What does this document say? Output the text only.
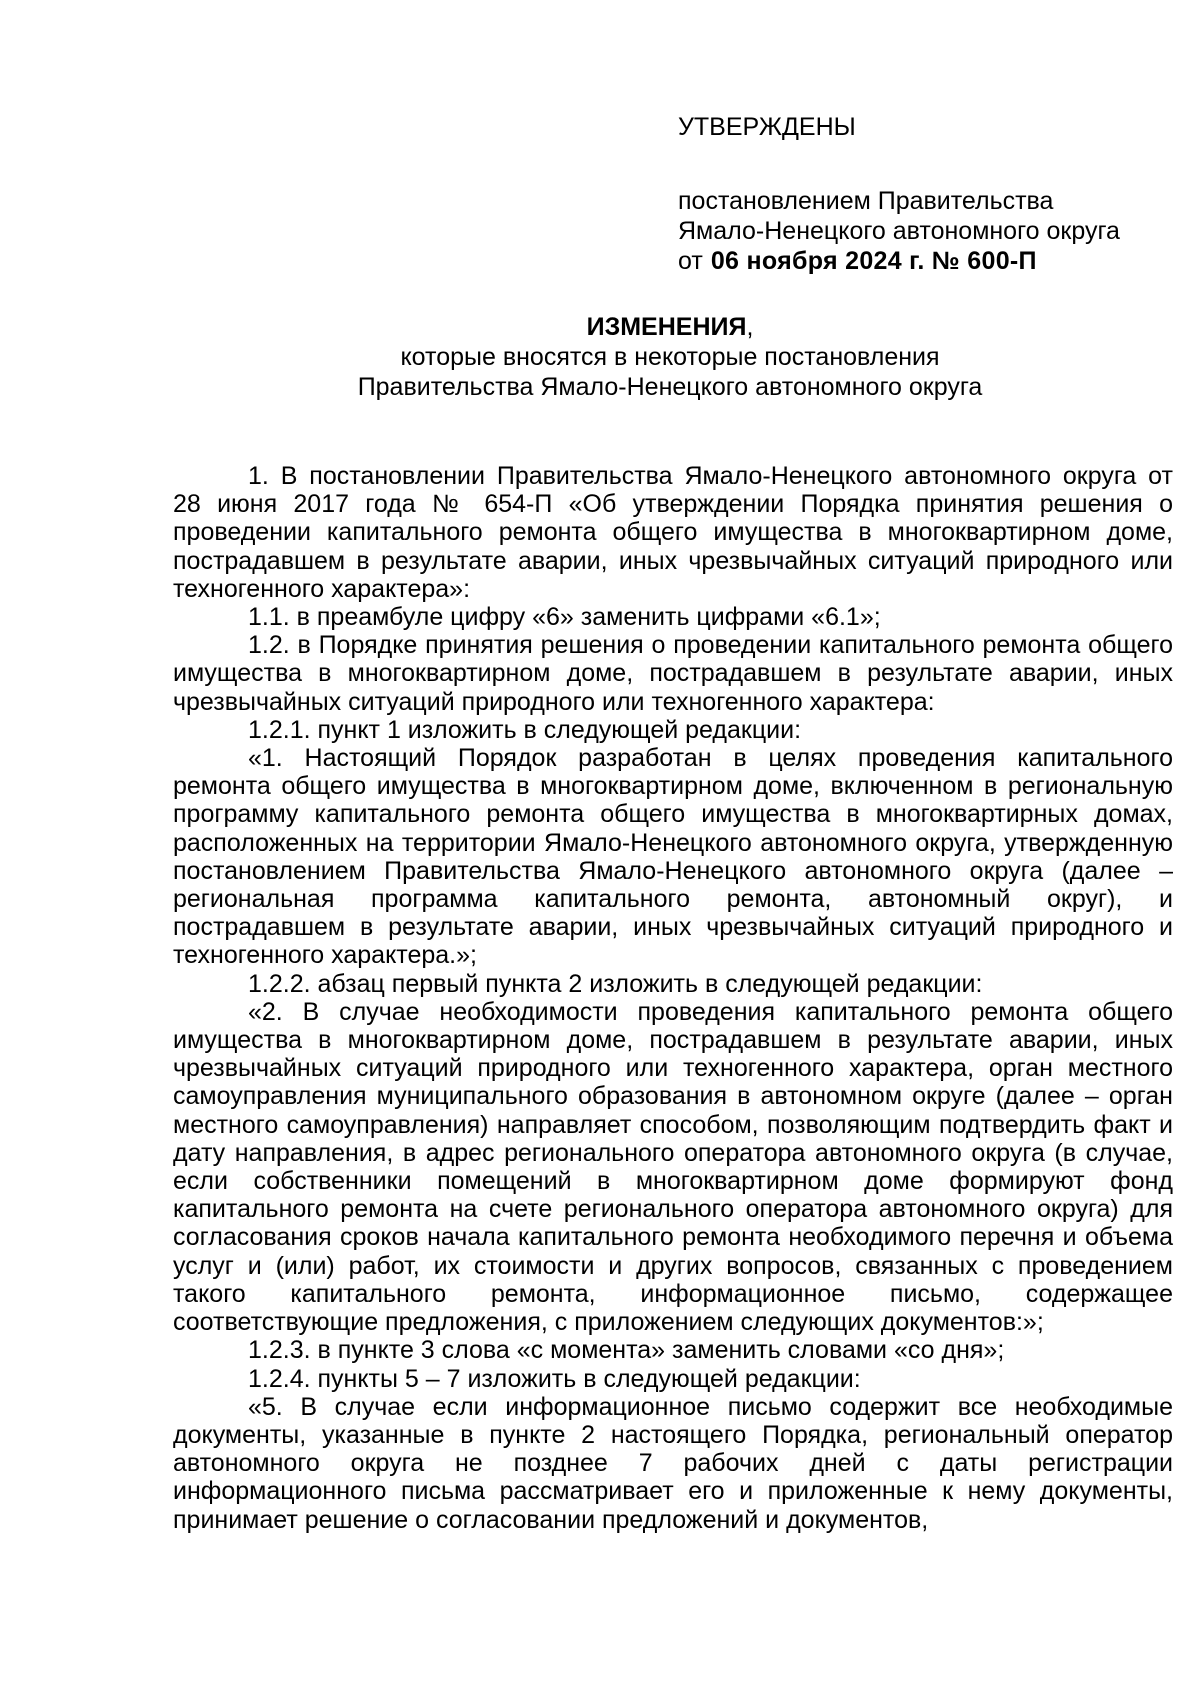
УТВЕРЖДЕНЫ
постановлением Правительства
Ямало-Ненецкого автономного округа
от 06 ноября 2024 г. № 600-П
ИЗМЕНЕНИЯ,
которые вносятся в некоторые постановления
Правительства Ямало-Ненецкого автономного округа

1. В постановлении Правительства Ямало-Ненецкого автономного округа от 28 июня 2017 года № 654-П «Об утверждении Порядка принятия решения о проведении капитального ремонта общего имущества в многоквартирном доме, пострадавшем в результате аварии, иных чрезвычайных ситуаций природного или техногенного характера»:

1.1. в преамбуле цифру «6» заменить цифрами «6.1»;

1.2. в Порядке принятия решения о проведении капитального ремонта общего имущества в многоквартирном доме, пострадавшем в результате аварии, иных чрезвычайных ситуаций природного или техногенного характера:

1.2.1. пункт 1 изложить в следующей редакции:

«1. Настоящий Порядок разработан в целях проведения капитального ремонта общего имущества в многоквартирном доме, включенном в региональную программу капитального ремонта общего имущества в многоквартирных домах, расположенных на территории Ямало-Ненецкого автономного округа, утвержденную постановлением Правительства Ямало-Ненецкого автономного округа (далее – региональная программа капитального ремонта, автономный округ), и пострадавшем в результате аварии, иных чрезвычайных ситуаций природного и техногенного характера.»;

1.2.2. абзац первый пункта 2 изложить в следующей редакции:

«2. В случае необходимости проведения капитального ремонта общего имущества в многоквартирном доме, пострадавшем в результате аварии, иных чрезвычайных ситуаций природного или техногенного характера, орган местного самоуправления муниципального образования в автономном округе (далее – орган местного самоуправления) направляет способом, позволяющим подтвердить факт и дату направления, в адрес регионального оператора автономного округа (в случае, если собственники помещений в многоквартирном доме формируют фонд капитального ремонта на счете регионального оператора автономного округа) для согласования сроков начала капитального ремонта необходимого перечня и объема услуг и (или) работ, их стоимости и других вопросов, связанных с проведением такого капитального ремонта, информационное письмо, содержащее соответствующие предложения, с приложением следующих документов:»;

1.2.3. в пункте 3 слова «с момента» заменить словами «со дня»;

1.2.4. пункты 5 – 7 изложить в следующей редакции:

«5. В случае если информационное письмо содержит все необходимые документы, указанные в пункте 2 настоящего Порядка, региональный оператор автономного округа не позднее 7 рабочих дней с даты регистрации информационного письма рассматривает его и приложенные к нему документы, принимает решение о согласовании предложений и документов,
